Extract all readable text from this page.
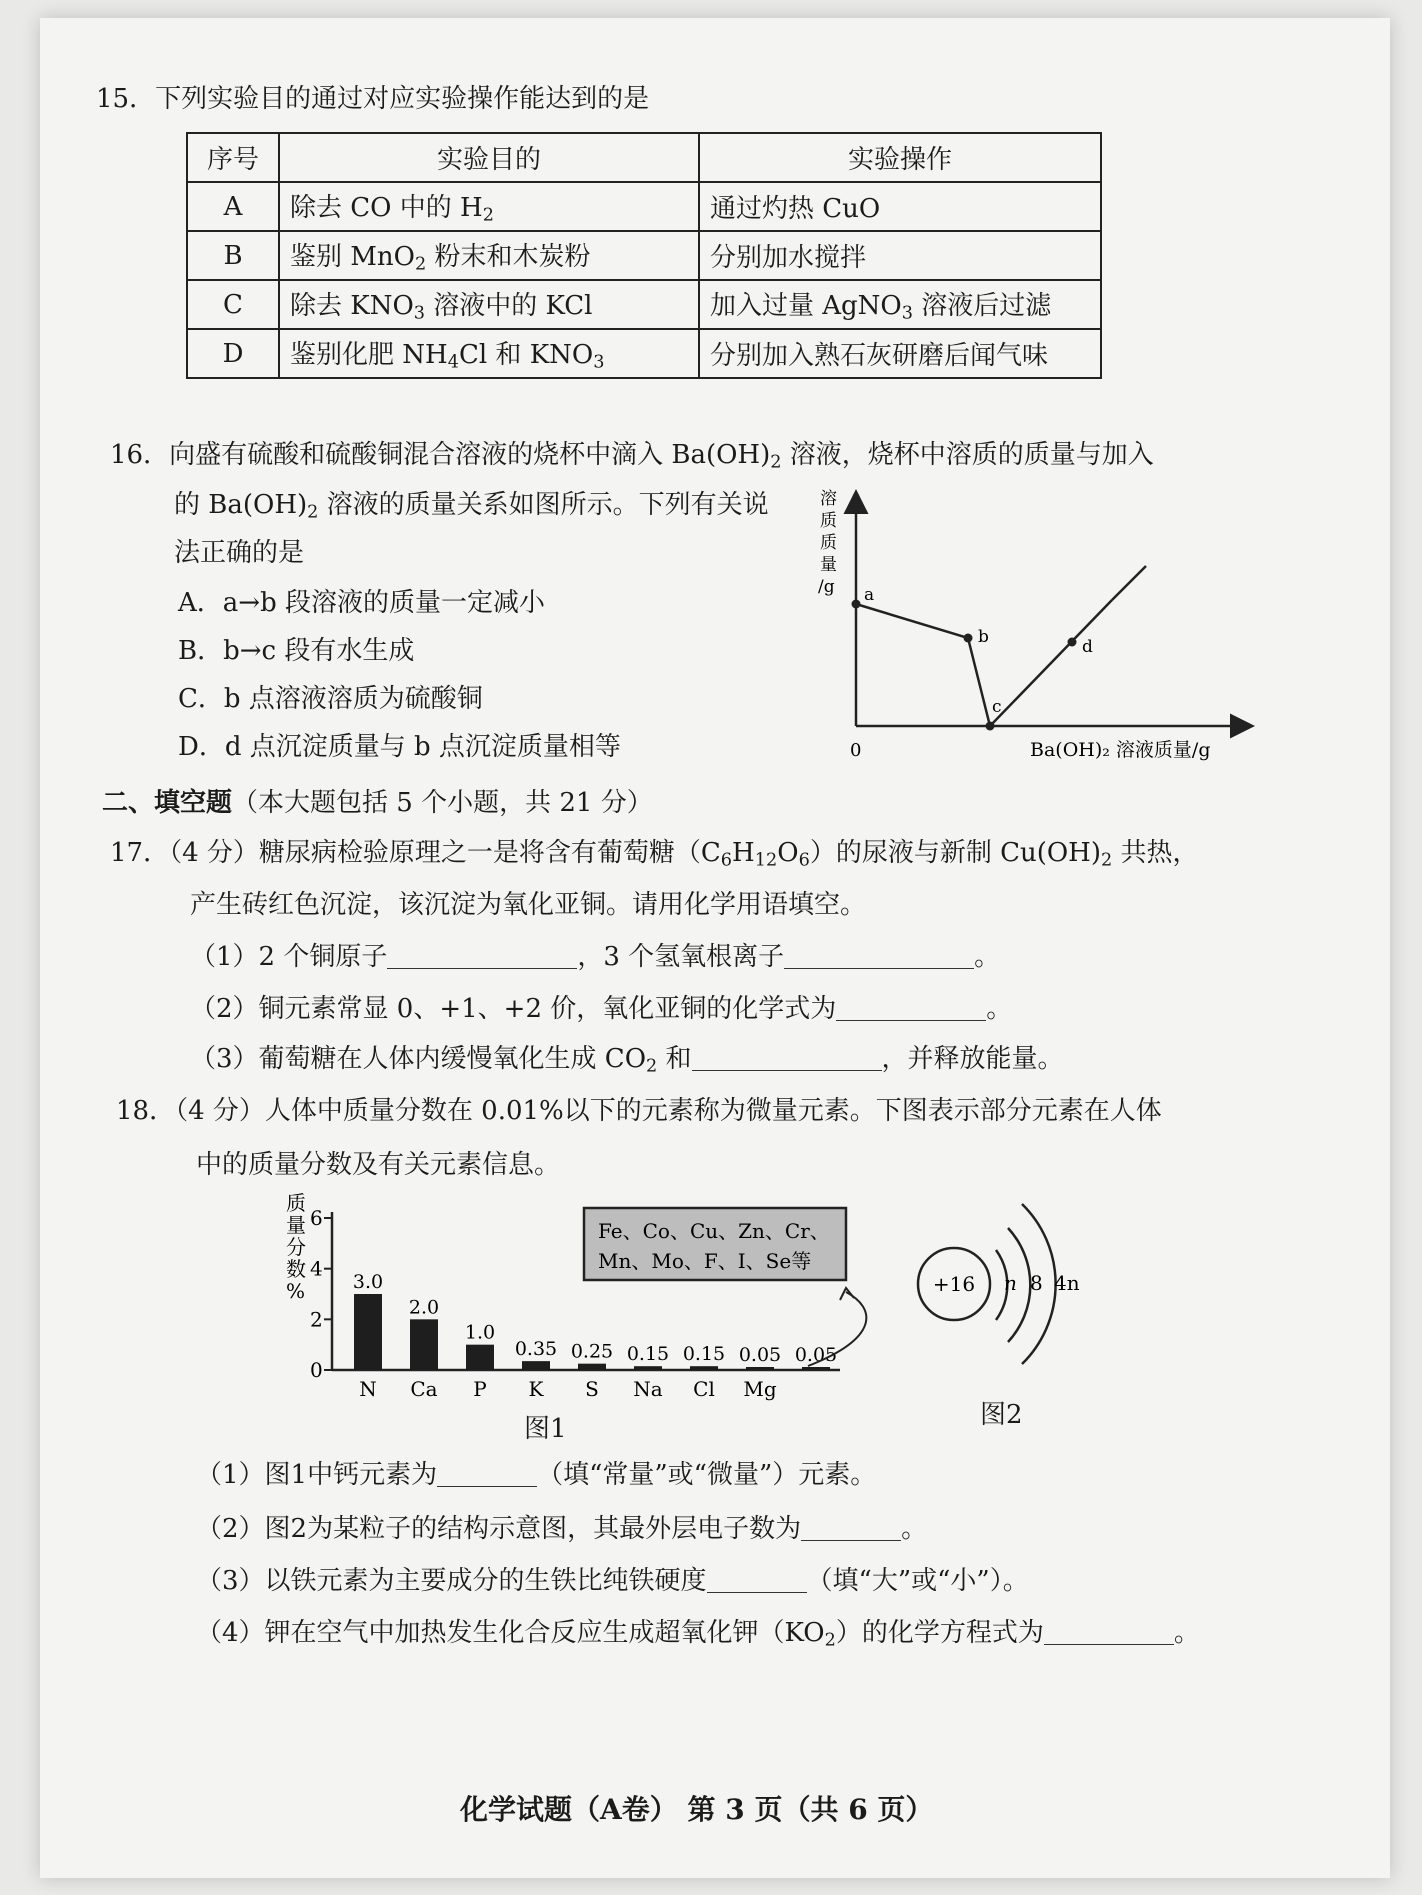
15．下列实验目的通过对应实验操作能达到的是
序号	实验目的	实验操作
A	除去 CO 中的 $H_2$	通过灼热 CuO
B	鉴别 MnO$_2$ 粉末和木炭粉	分别加水搅拌
C	除去 $KNO_3$ 溶液中的 KCl	加入过量 AgNO$_3$ 溶液后过滤
D	鉴别化肥 $NH_4Cl$ 和 $KNO_3$	分别加入熟石灰研磨后闻气味
16．向盛有硫酸和硫酸铜混合溶液的烧杯中滴入 $Ba(OH)_2$ 溶液，烧杯中溶质的质量与加入
的 $Ba(OH)_2$ 溶液的质量关系如图所示。下列有关说
法正确的是
A．a→b 段溶液的质量一定减小
B．b→c 段有水生成
C．b 点溶液溶质为硫酸铜
D．d 点沉淀质量与 b 点沉淀质量相等
溶
质
质
量
/g
0	Ba(OH)₂ 溶液质量/g
a
b
c
d
二、填空题（本大题包括 5 个小题，共 21 分）
17．（4 分）糖尿病检验原理之一是将含有葡萄糖$(C_6H_{12}O_6)$的尿液与新制 $Cu(OH)_2$ 共热，
产生砖红色沉淀，该沉淀为氧化亚铜。请用化学用语填空。
（1）2 个铜原子	，3 个氢氧根离子	。
（2）铜元素常显 0、+1、+2 价，氧化亚铜的化学式为	。
（3）葡萄糖在人体内缓慢氧化生成 $CO_2$ 和	，并释放能量。
18．（4 分）人体中质量分数在 0.01%以下的元素称为微量元素。下图表示部分元素在人体
中的质量分数及有关元素信息。
质
量
分
数
%
0
2
4
6
3.0
N
2.0
Ca
1.0
P
0.35
K
0.25
S
0.15
Na
0.15
Cl
0.05
Mg
0.05
Fe、Co、Cu、Zn、Cr、
Mn、Mo、F、I、Se等
图1
+16 n 8 4n
图2
（1）图1中钙元素为	（填“常量”或“微量”）元素。
（2）图2为某粒子的结构示意图，其最外层电子数为	。
（3）以铁元素为主要成分的生铁比纯铁硬度	（填“大”或“小”）。
（4）钾在空气中加热发生化合反应生成超氧化钾$(KO_2)$的化学方程式为	。
化学试题（A卷） 第 3 页（共 6 页）
